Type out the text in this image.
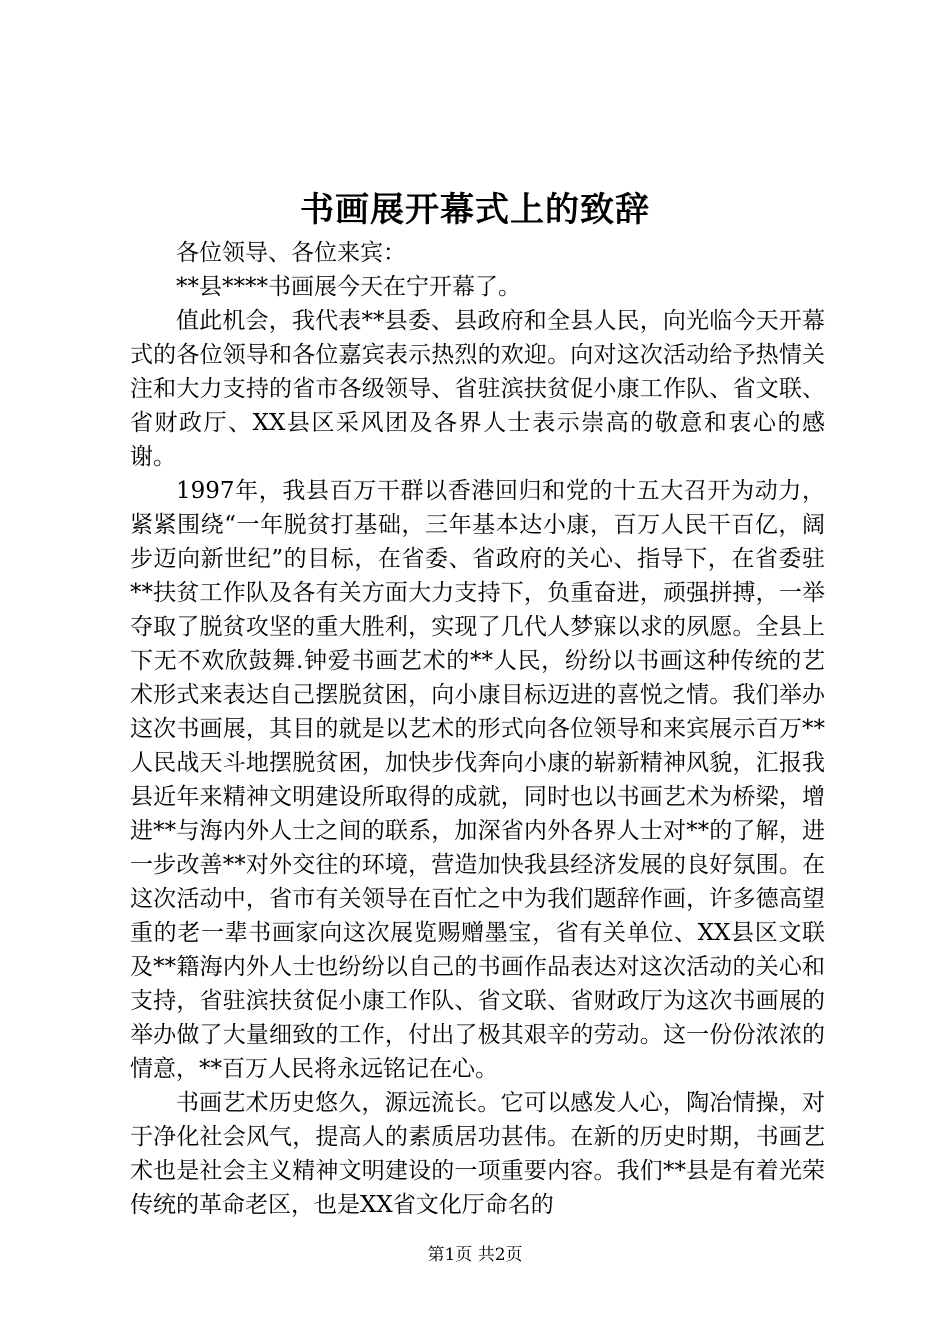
书画展开幕式上的致辞

各位领导、各位来宾：

**县****书画展今天在宁开幕了。

值此机会，我代表**县委、县政府和全县人民，向光临今天开幕式的各位领导和各位嘉宾表示热烈的欢迎。向对这次活动给予热情关注和大力支持的省市各级领导、省驻滨扶贫促小康工作队、省文联、省财政厅、XX县区采风团及各界人士表示崇高的敬意和衷心的感谢。

1997年，我县百万干群以香港回归和党的十五大召开为动力，紧紧围绕“一年脱贫打基础，三年基本达小康，百万人民干百亿，阔步迈向新世纪”的目标，在省委、省政府的关心、指导下，在省委驻**扶贫工作队及各有关方面大力支持下，负重奋进，顽强拼搏，一举夺取了脱贫攻坚的重大胜利，实现了几代人梦寐以求的夙愿。全县上下无不欢欣鼓舞.钟爱书画艺术的**人民，纷纷以书画这种传统的艺术形式来表达自己摆脱贫困，向小康目标迈进的喜悦之情。我们举办这次书画展，其目的就是以艺术的形式向各位领导和来宾展示百万**人民战天斗地摆脱贫困，加快步伐奔向小康的崭新精神风貌，汇报我县近年来精神文明建设所取得的成就，同时也以书画艺术为桥梁，增进**与海内外人士之间的联系，加深省内外各界人士对**的了解，进一步改善**对外交往的环境，营造加快我县经济发展的良好氛围。在这次活动中，省市有关领导在百忙之中为我们题辞作画，许多德高望重的老一辈书画家向这次展览赐赠墨宝，省有关单位、XX县区文联及**籍海内外人士也纷纷以自己的书画作品表达对这次活动的关心和支持，省驻滨扶贫促小康工作队、省文联、省财政厅为这次书画展的举办做了大量细致的工作，付出了极其艰辛的劳动。这一份份浓浓的情意，**百万人民将永远铭记在心。

书画艺术历史悠久，源远流长。它可以感发人心，陶冶情操，对于净化社会风气，提高人的素质居功甚伟。在新的历史时期，书画艺术也是社会主义精神文明建设的一项重要内容。我们**县是有着光荣传统的革命老区，也是XX省文化厅命名的

第1页 共2页
